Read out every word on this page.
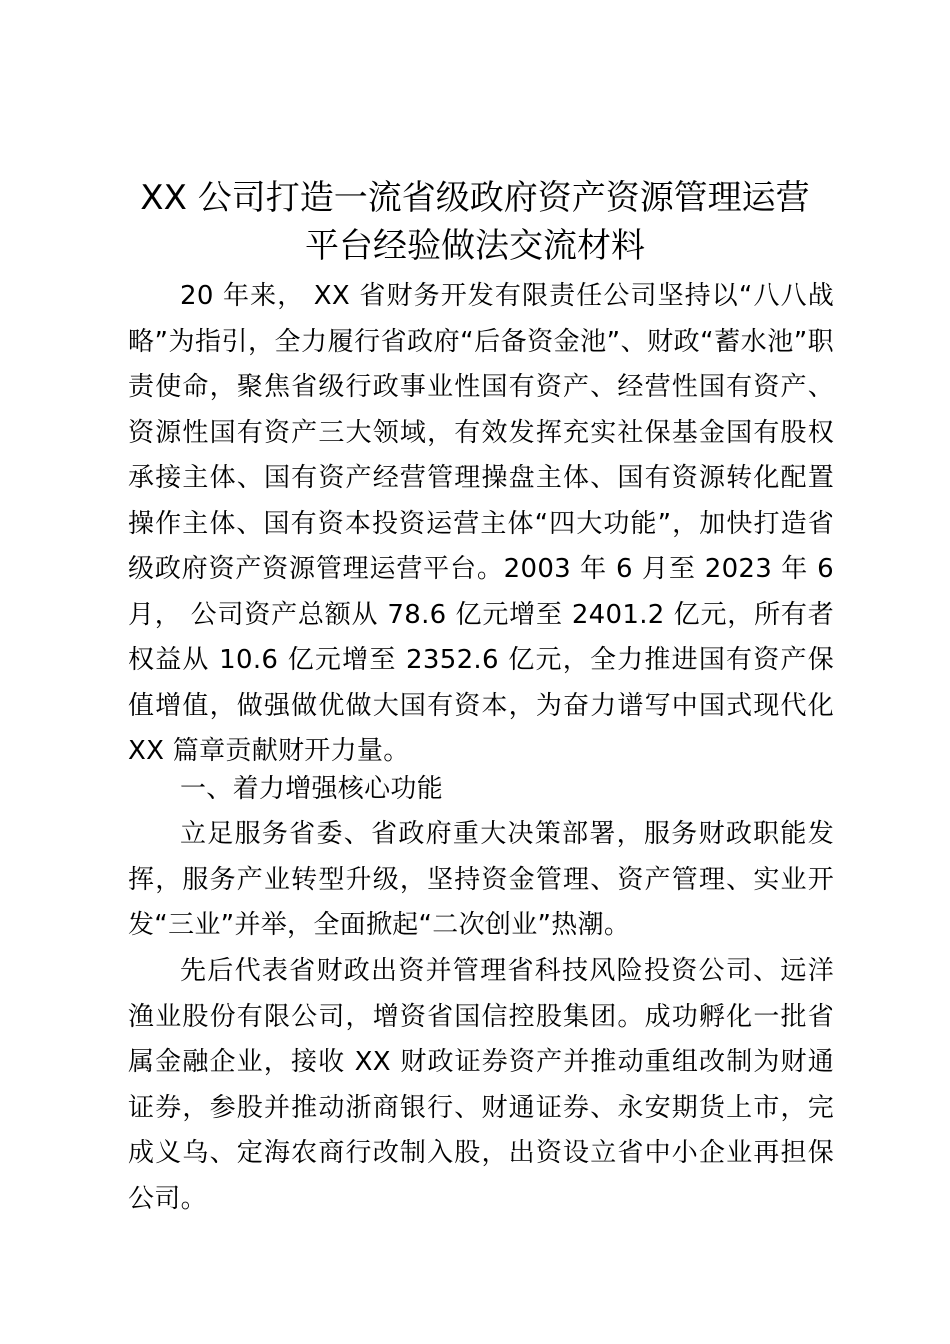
XX 公司打造一流省级政府资产资源管理运营
平台经验做法交流材料

20 年来， XX 省财务开发有限责任公司坚持以“八八战略”为指引，全力履行省政府“后备资金池”、财政“蓄水池”职责使命，聚焦省级行政事业性国有资产、经营性国有资产、资源性国有资产三大领域，有效发挥充实社保基金国有股权承接主体、国有资产经营管理操盘主体、国有资源转化配置操作主体、国有资本投资运营主体“四大功能”，加快打造省级政府资产资源管理运营平台。2003 年 6 月至 2023 年 6 月， 公司资产总额从 78.6 亿元增至 2401.2 亿元，所有者权益从 10.6 亿元增至 2352.6 亿元，全力推进国有资产保值增值，做强做优做大国有资本，为奋力谱写中国式现代化 XX 篇章贡献财开力量。

一、着力增强核心功能

立足服务省委、省政府重大决策部署，服务财政职能发挥，服务产业转型升级，坚持资金管理、资产管理、实业开发“三业”并举，全面掀起“二次创业”热潮。

先后代表省财政出资并管理省科技风险投资公司、远洋渔业股份有限公司，增资省国信控股集团。成功孵化一批省属金融企业，接收 XX 财政证券资产并推动重组改制为财通证券，参股并推动浙商银行、财通证券、永安期货上市，完成义乌、定海农商行改制入股，出资设立省中小企业再担保公司。
